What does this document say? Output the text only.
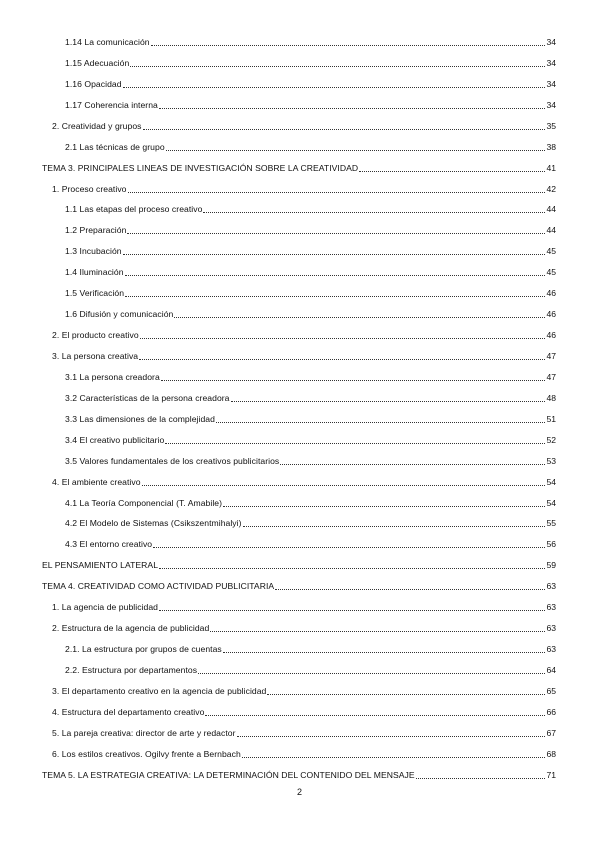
1.14 La comunicación	34
1.15 Adecuación	34
1.16 Opacidad	34
1.17 Coherencia interna	34
2. Creatividad y grupos	35
2.1 Las técnicas de grupo	38
TEMA 3. PRINCIPALES LINEAS DE INVESTIGACIÓN SOBRE LA CREATIVIDAD	41
1. Proceso creativo	42
1.1 Las etapas del proceso creativo	44
1.2 Preparación	44
1.3 Incubación	45
1.4 Iluminación	45
1.5 Verificación	46
1.6 Difusión y comunicación	46
2. El producto creativo	46
3. La persona creativa	47
3.1 La persona creadora	47
3.2 Características de la persona creadora	48
3.3 Las dimensiones de la complejidad	51
3.4 El creativo publicitario	52
3.5 Valores fundamentales de los creativos publicitarios	53
4. El ambiente creativo	54
4.1 La Teoría Componencial (T. Amabile)	54
4.2 El Modelo de Sistemas (Csikszentmihalyi)	55
4.3 El entorno creativo	56
EL PENSAMIENTO LATERAL	59
TEMA 4. CREATIVIDAD COMO ACTIVIDAD PUBLICITARIA	63
1. La agencia de publicidad	63
2. Estructura de la agencia de publicidad	63
2.1. La estructura por grupos de cuentas	63
2.2. Estructura por departamentos	64
3. El departamento creativo en la agencia de publicidad	65
4. Estructura del departamento creativo	66
5. La pareja creativa: director de arte y redactor	67
6. Los estilos creativos. Ogilvy frente a Bernbach	68
TEMA 5. LA ESTRATEGIA CREATIVA: LA DETERMINACIÓN DEL CONTENIDO DEL MENSAJE	71
2
